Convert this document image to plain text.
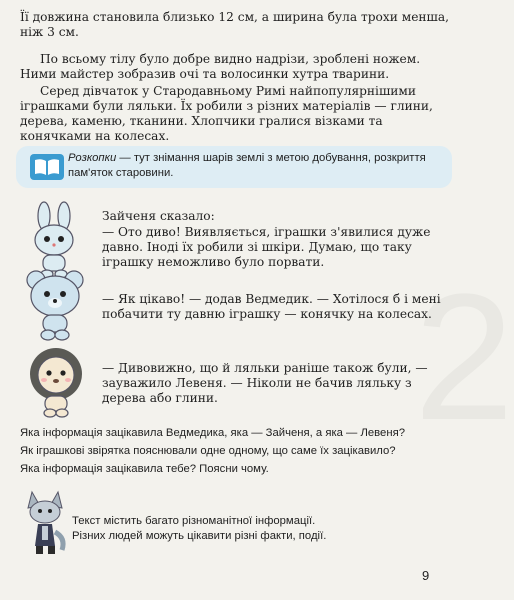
2

Її довжина становила близько 12 см, а ширина була трохи менша,
ніж 3 см.

По всьому тілу було добре видно надрізи, зроблені ножем. Ними майстер зобразив очі та волосинки хутра тварини.

Серед дівчаток у Стародавньому Римі найпопулярнішими іграшками були ляльки. Їх робили з різних матеріалів — глини, дерева, каменю, тканини. Хлопчики гралися візками та конячками на колесах.

Розкопки — тут знімання шарів землі з метою добування, розкриття пам'яток старовини.

Зайченя сказало:

— Ото диво! Виявляється, іграшки з'явилися дуже давно. Іноді їх робили зі шкіри. Думаю, що таку іграшку неможливо було порвати.

— Як цікаво! — додав Ведмедик. — Хотілося б і мені побачити ту давню іграшку — конячку на колесах.

— Дивовижно, що й ляльки раніше також були, — зауважило Левеня. — Ніколи не бачив ляльку з дерева або глини.

Яка інформація зацікавила Ведмедика, яка — Зайченя, а яка — Левеня?
Як іграшкові звірятка пояснювали одне одному, що саме їх зацікавило?
Яка інформація зацікавила тебе? Поясни чому.
Текст містить багато різноманітної інформації.
Різних людей можуть цікавити різні факти, події.
9
